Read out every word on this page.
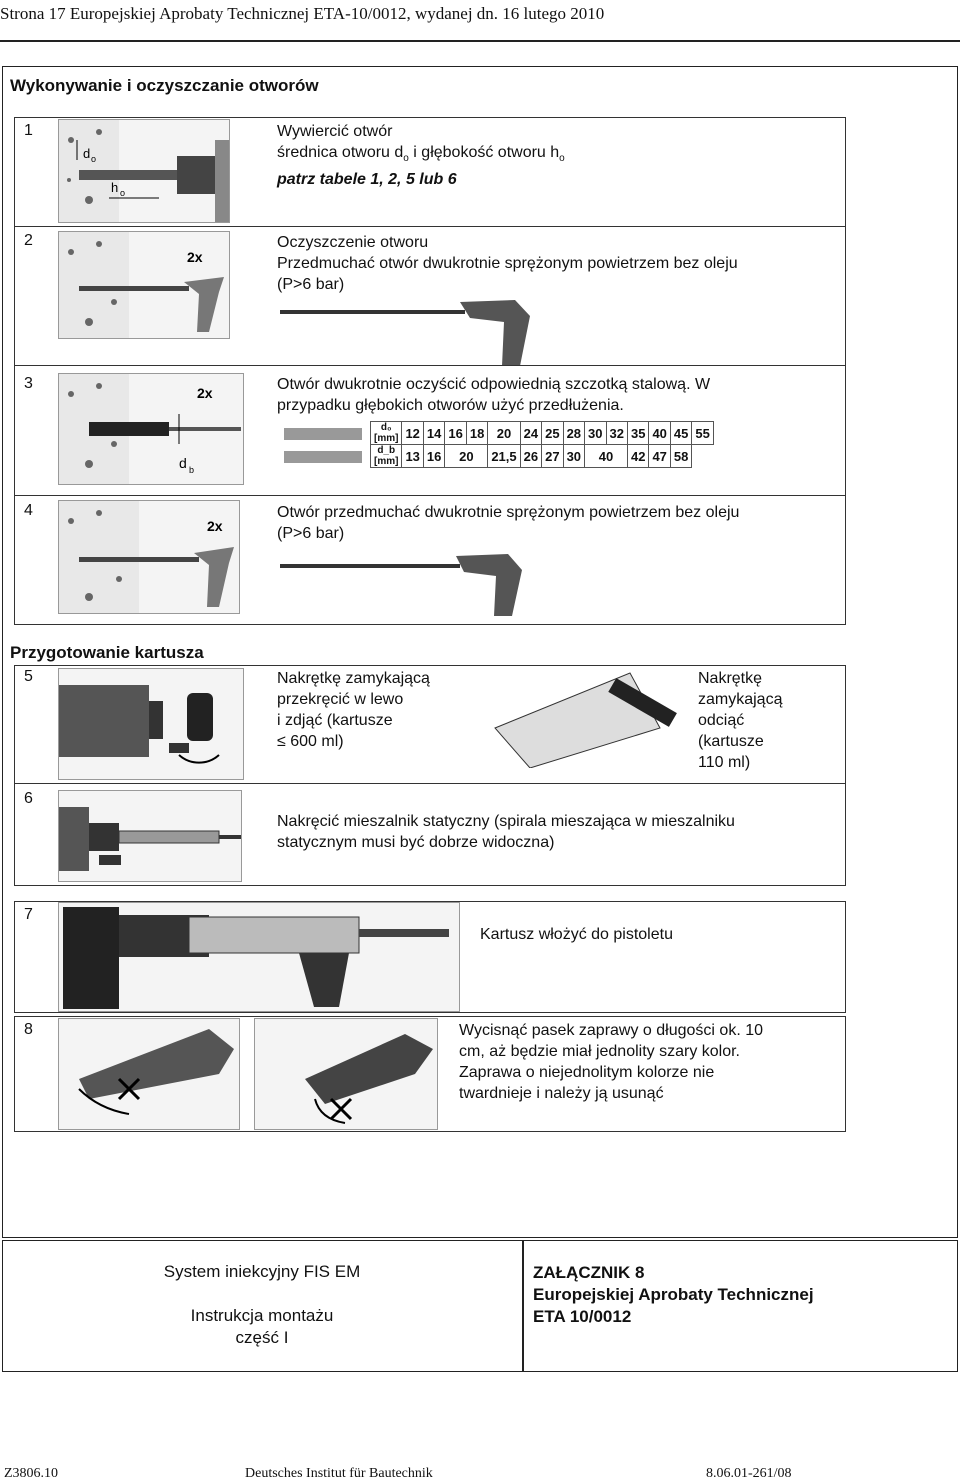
Strona 17 Europejskiej Aprobaty Technicznej ETA-10/0012, wydanej dn. 16 lutego 2010
Wykonywanie i oczyszczanie otworów
1
d o
h o
Wywiercić otwór
średnica otworu $d_o$ i głębokość otworu $h_o$
patrz tabele 1, 2, 5 lub 6
2
2x
Oczyszczenie otworu
Przedmuchać otwór dwukrotnie sprężonym powietrzem bez oleju
(P>6 bar)
3
2x
d b
Otwór dwukrotnie oczyścić odpowiednią szczotką stalową. W
przypadku głębokich otworów użyć przedłużenia.
d₀ [mm]	12	14	16	18	20	24	25	28	30	32	35	40	45	55
d_b [mm]	13	16	20		21,5	26	27	30	40		42	47	58	
4
2x
Otwór przedmuchać dwukrotnie sprężonym powietrzem bez oleju
(P>6 bar)
Przygotowanie kartusza
5	Nakrętkę zamykającą
przekręcić w lewo
i zdjąć (kartusze
≤ 600 ml)
Nakrętkę
zamykającą
odciąć
(kartusze
110 ml)
6
Nakręcić mieszalnik statyczny (spirala mieszająca w mieszalniku
statycznym musi być dobrze widoczna)
7
Kartusz włożyć do pistoletu
8	Wycisnąć pasek zaprawy o długości ok. 10
cm, aż będzie miał jednolity szary kolor.
Zaprawa o niejednolitym kolorze nie
twardnieje i należy ją usunąć
System iniekcyjny FIS EM
Instrukcja montażu
część I
ZAŁĄCZNIK 8
Europejskiej Aprobaty Technicznej
ETA 10/0012
Z3806.10	Deutsches Institut für Bautechnik	8.06.01-261/08
